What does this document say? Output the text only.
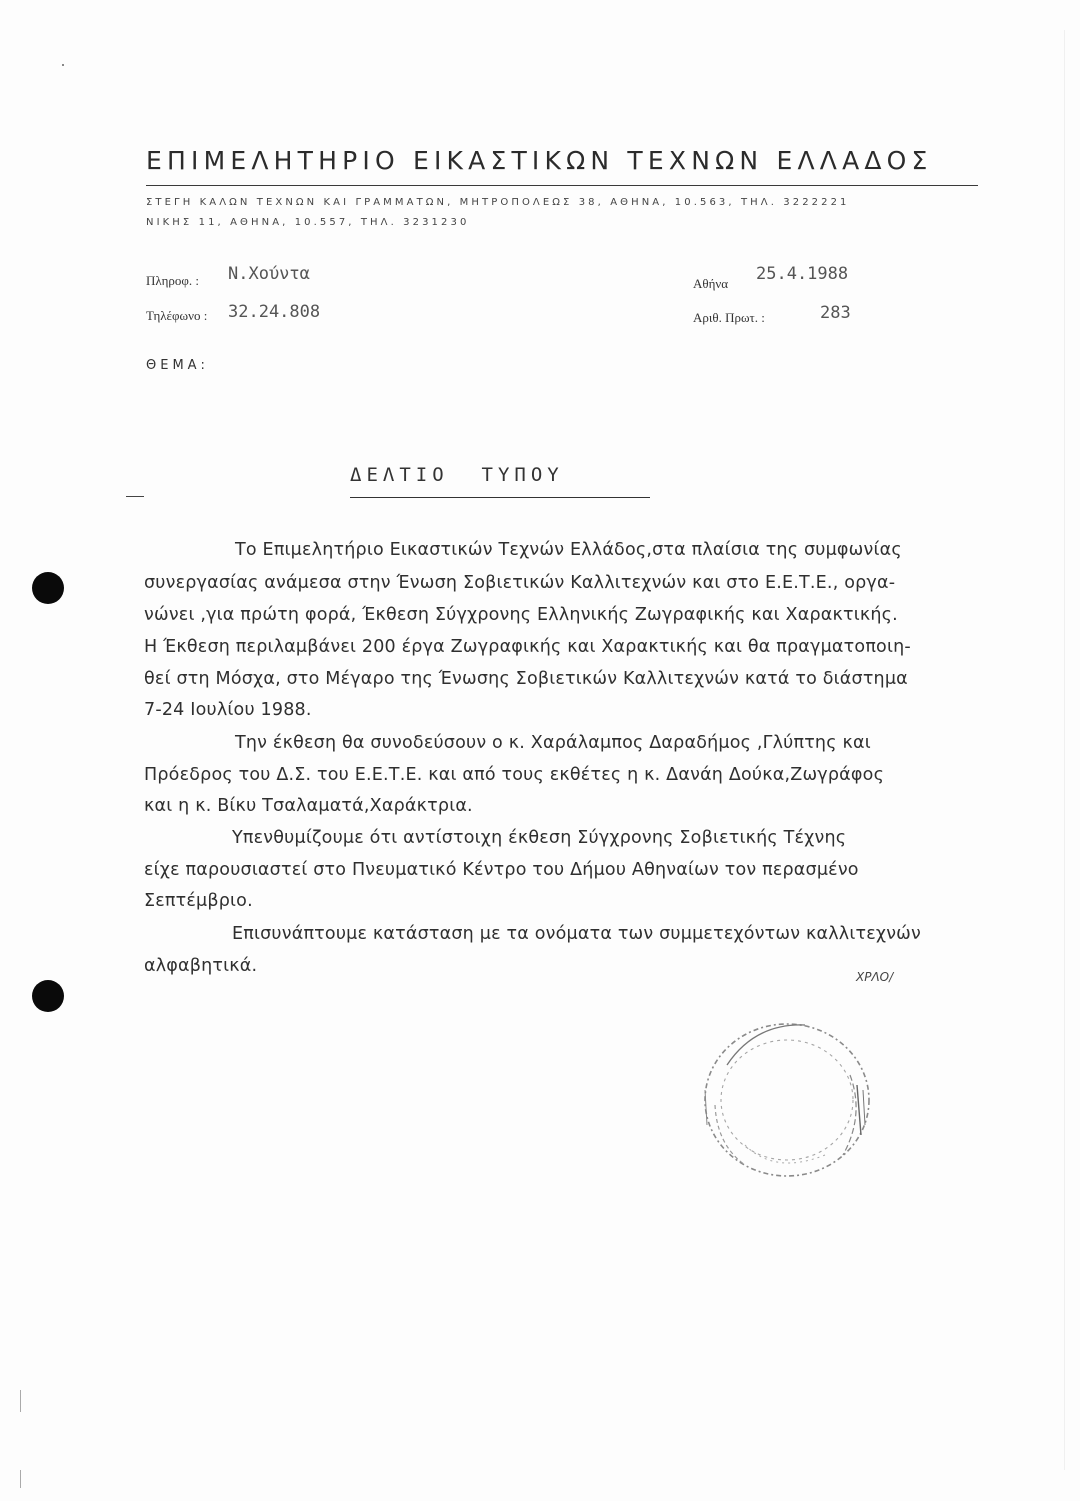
ΕΠΙΜΕΛΗΤΗΡΙΟ ΕΙΚΑΣΤΙΚΩΝ ΤΕΧΝΩΝ ΕΛΛΑΔΟΣ
ΣΤΕΓΗ ΚΑΛΩΝ ΤΕΧΝΩΝ ΚΑΙ ΓΡΑΜΜΑΤΩΝ, ΜΗΤΡΟΠΟΛΕΩΣ 38, ΑΘΗΝΑ, 10.563, ΤΗΛ. 3222221
ΝΙΚΗΣ 11, ΑΘΗΝΑ, 10.557, ΤΗΛ. 3231230
Πληροφ. : Ν.Χούντα
Τηλέφωνο : 32.24.808
Αθήνα 25.4.1988
Αριθ. Πρωτ. :	283
ΘΕΜΑ:
ΔΕΛΤΙΟ  ΤΥΠΟΥ
Το Επιμελητήριο Εικαστικών Τεχνών Ελλάδος,στα πλαίσια της συμφωνίας
συνεργασίας ανάμεσα στην Ένωση Σοβιετικών Καλλιτεχνών και στο Ε.Ε.Τ.Ε., οργα-
νώνει ,για πρώτη φορά, Έκθεση Σύγχρονης Ελληνικής Ζωγραφικής και Χαρακτικής.
Η Έκθεση περιλαμβάνει 200 έργα Ζωγραφικής και Χαρακτικής και θα πραγματοποιη-
θεί στη Μόσχα, στο Μέγαρο της Ένωσης Σοβιετικών Καλλιτεχνών κατά το διάστημα
7-24 Ιουλίου 1988.
Την έκθεση θα συνοδεύσουν ο κ. Χαράλαμπος Δαραδήμος ,Γλύπτης και
Πρόεδρος του Δ.Σ. του Ε.Ε.Τ.Ε. και από τους εκθέτες η κ. Δανάη Δούκα,Ζωγράφος
και η κ. Βίκυ Τσαλαματά,Χαράκτρια.
Υπενθυμίζουμε ότι αντίστοιχη έκθεση Σύγχρονης Σοβιετικής Τέχνης
είχε παρουσιαστεί στο Πνευματικό Κέντρο του Δήμου Αθηναίων τον περασμένο
Σεπτέμβριο.
Επισυνάπτουμε κατάσταση με τα ονόματα των συμμετεχόντων καλλιτεχνών
αλφαβητικά.
ΧΡΛΟ/
